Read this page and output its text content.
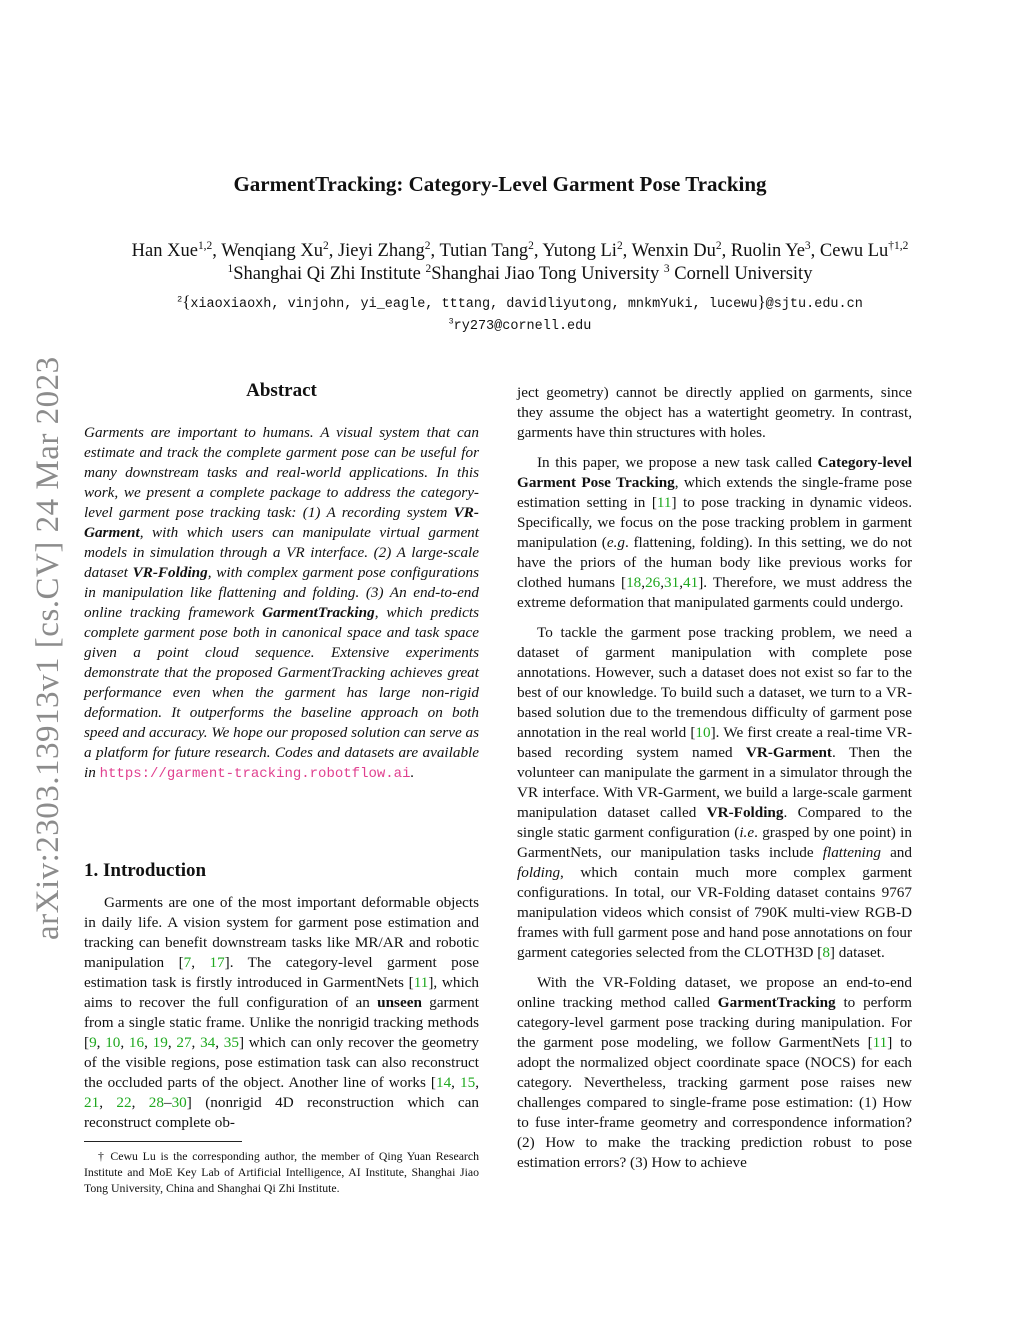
arXiv:2303.13913v1 [cs.CV] 24 Mar 2023
GarmentTracking: Category-Level Garment Pose Tracking
Han Xue$^{1,2}$, Wenqiang Xu$^2$, Jieyi Zhang$^2$, Tutian Tang$^2$, Yutong Li$^2$, Wenxin Du$^2$, Ruolin Ye$^3$, Cewu Lu$^{\dagger 1,2}$
$^1$Shanghai Qi Zhi Institute $^2$Shanghai Jiao Tong University $^3$ Cornell University
$^2${xiaoxiaoxh, vinjohn, yi_eagle, tttang, davidliyutong, mnkmYuki, lucewu}@sjtu.edu.cn
$^3$ry273@cornell.edu
Abstract
Garments are important to humans. A visual system that can estimate and track the complete garment pose can be useful for many downstream tasks and real-world applications. In this work, we present a complete package to address the category-level garment pose tracking task: (1) A recording system VR-Garment, with which users can manipulate virtual garment models in simulation through a VR interface. (2) A large-scale dataset VR-Folding, with complex garment pose configurations in manipulation like flattening and folding. (3) An end-to-end online tracking framework GarmentTracking, which predicts complete garment pose both in canonical space and task space given a point cloud sequence. Extensive experiments demonstrate that the proposed GarmentTracking achieves great performance even when the garment has large non-rigid deformation. It outperforms the baseline approach on both speed and accuracy. We hope our proposed solution can serve as a platform for future research. Codes and datasets are available in https://garment-tracking.robotflow.ai.
1. Introduction

Garments are one of the most important deformable objects in daily life. A vision system for garment pose estimation and tracking can benefit downstream tasks like MR/AR and robotic manipulation [7, 17]. The category-level garment pose estimation task is firstly introduced in GarmentNets [11], which aims to recover the full configuration of an unseen garment from a single static frame. Unlike the nonrigid tracking methods [9, 10, 16, 19, 27, 34, 35] which can only recover the geometry of the visible regions, pose estimation task can also reconstruct the occluded parts of the object. Another line of works [14, 15, 21, 22, 28–30] (nonrigid 4D reconstruction which can reconstruct complete ob-

† Cewu Lu is the corresponding author, the member of Qing Yuan Research Institute and MoE Key Lab of Artificial Intelligence, AI Institute, Shanghai Jiao Tong University, China and Shanghai Qi Zhi Institute.

ject geometry) cannot be directly applied on garments, since they assume the object has a watertight geometry. In contrast, garments have thin structures with holes.

In this paper, we propose a new task called Category-level Garment Pose Tracking, which extends the single-frame pose estimation setting in [11] to pose tracking in dynamic videos. Specifically, we focus on the pose tracking problem in garment manipulation (e.g. flattening, folding). In this setting, we do not have the priors of the human body like previous works for clothed humans [18,26,31,41]. Therefore, we must address the extreme deformation that manipulated garments could undergo.

To tackle the garment pose tracking problem, we need a dataset of garment manipulation with complete pose annotations. However, such a dataset does not exist so far to the best of our knowledge. To build such a dataset, we turn to a VR-based solution due to the tremendous difficulty of garment pose annotation in the real world [10]. We first create a real-time VR-based recording system named VR-Garment. Then the volunteer can manipulate the garment in a simulator through the VR interface. With VR-Garment, we build a large-scale garment manipulation dataset called VR-Folding. Compared to the single static garment configuration (i.e. grasped by one point) in GarmentNets, our manipulation tasks include flattening and folding, which contain much more complex garment configurations. In total, our VR-Folding dataset contains 9767 manipulation videos which consist of 790K multi-view RGB-D frames with full garment pose and hand pose annotations on four garment categories selected from the CLOTH3D [8] dataset.

With the VR-Folding dataset, we propose an end-to-end online tracking method called GarmentTracking to perform category-level garment pose tracking during manipulation. For the garment pose modeling, we follow GarmentNets [11] to adopt the normalized object coordinate space (NOCS) for each category. Nevertheless, tracking garment pose raises new challenges compared to single-frame pose estimation: (1) How to fuse inter-frame geometry and correspondence information? (2) How to make the tracking prediction robust to pose estimation errors? (3) How to achieve
